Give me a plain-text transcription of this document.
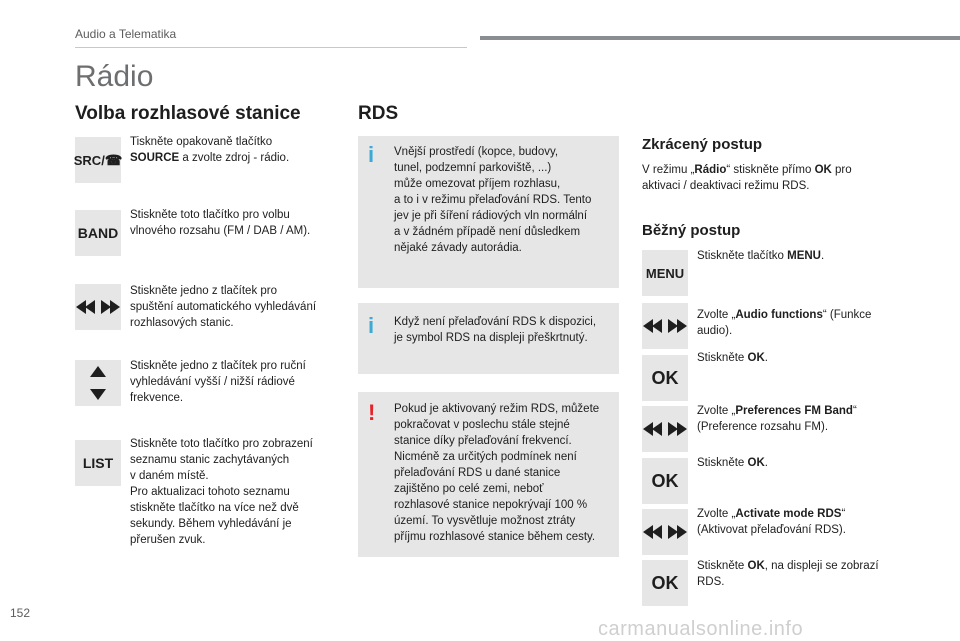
Audio a Telematika
Rádio
Volba rozhlasové stanice
SRC/ ☎
Tiskněte opakovaně tlačítko
SOURCE a zvolte zdroj - rádio.
BAND
Stiskněte toto tlačítko pro volbu
vlnového rozsahu (FM / DAB / AM).
Stiskněte jedno z tlačítek pro
spuštění automatického vyhledávání
rozhlasových stanic.
Stiskněte jedno z tlačítek pro ruční
vyhledávání vyšší / nižší rádiové
frekvence.
LIST
Stiskněte toto tlačítko pro zobrazení
seznamu stanic zachytávaných
v daném místě.
Pro aktualizaci tohoto seznamu
stiskněte tlačítko na více než dvě
sekundy. Během vyhledávání je
přerušen zvuk.
RDS
i Vnější prostředí (kopce, budovy,
tunel, podzemní parkoviště, ...)
může omezovat příjem rozhlasu,
a to i v režimu přelaďování RDS. Tento
jev je při šíření rádiových vln normální
a v žádném případě není důsledkem
nějaké závady autorádia.
i Když není přelaďování RDS k dispozici,
je symbol RDS na displeji přeškrtnutý.
! Pokud je aktivovaný režim RDS, můžete
pokračovat v poslechu stále stejné
stanice díky přelaďování frekvencí.
Nicméně za určitých podmínek není
přelaďování RDS u dané stanice
zajištěno po celé zemi, neboť
rozhlasové stanice nepokrývají 100 %
území. To vysvětluje možnost ztráty
příjmu rozhlasové stanice během cesty.
Zkrácený postup
V režimu „Rádio“ stiskněte přímo OK pro
aktivaci / deaktivaci režimu RDS.
Běžný postup
MENU
Stiskněte tlačítko MENU.
Zvolte „Audio functions“ (Funkce
audio).
OK
Stiskněte OK.
Zvolte „Preferences FM Band“
(Preference rozsahu FM).
OK
Stiskněte OK.
Zvolte „Activate mode RDS“
(Aktivovat přelaďování RDS).
OK
Stiskněte OK, na displeji se zobrazí
RDS.
152
carmanualsonline.info
